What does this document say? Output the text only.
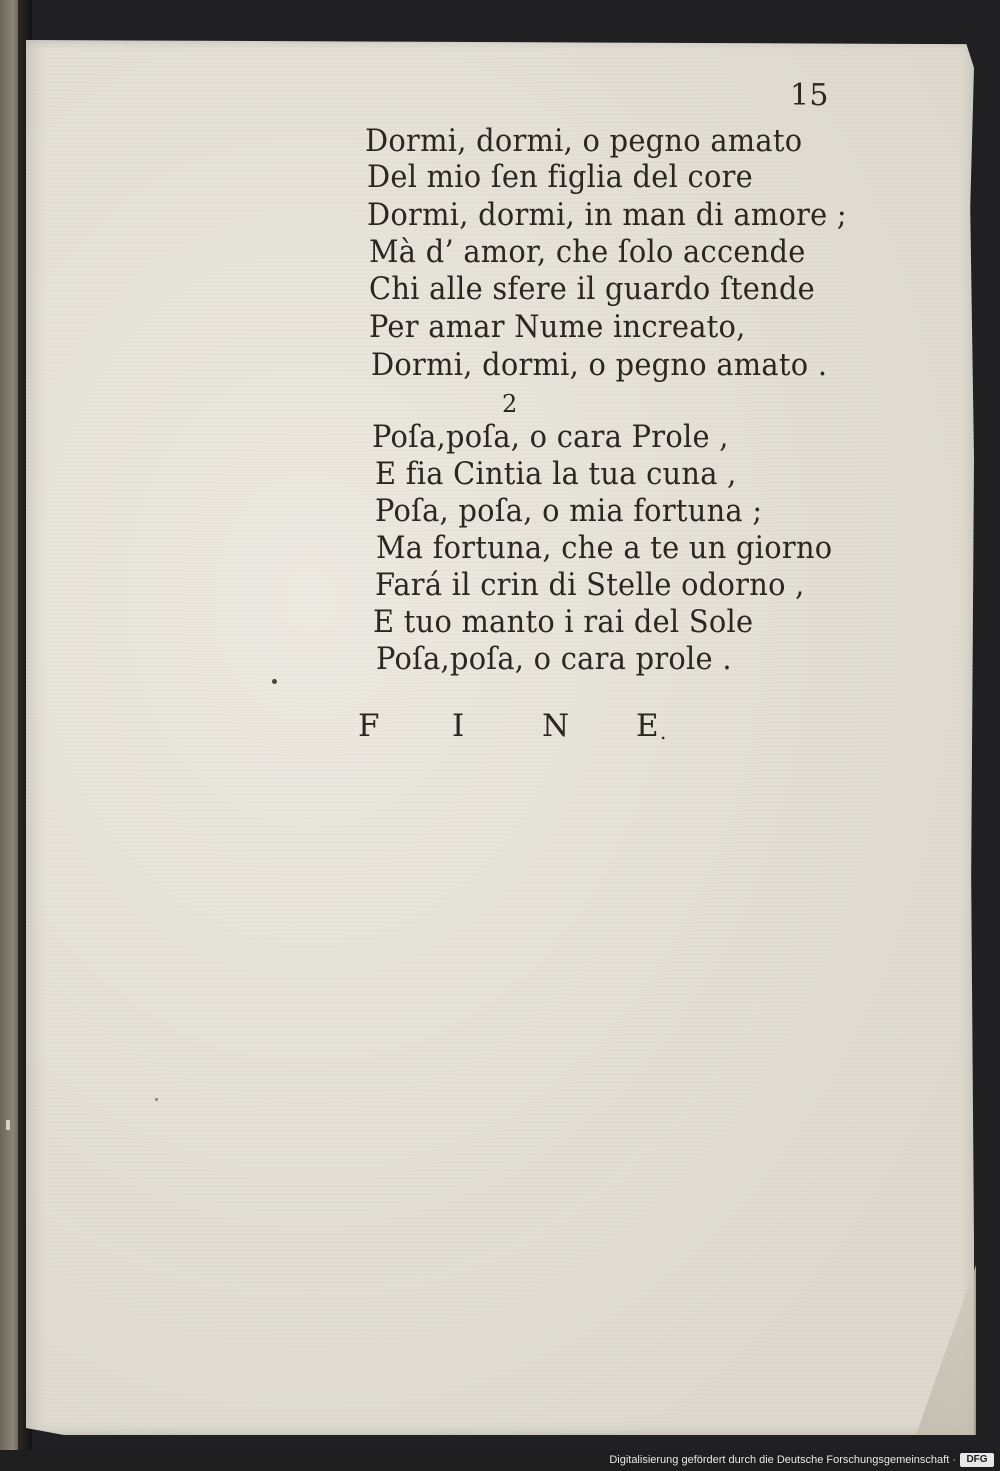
15
Dormi, dormi, o pegno amato
Del mio ſen figlia del core
Dormi, dormi, in man di amore ;
Mà d’ amor, che ſolo accende
Chi alle sfere il guardo ſtende
Per amar Nume increato,
Dormi, dormi, o pegno amato .
2
Poſa,poſa, o cara Prole ,
E fia Cintia la tua cuna ,
Poſa, poſa, o mia fortuna ;
Ma fortuna, che a te un giorno
Fará il crin di Stelle odorno ,
E tuo manto i rai del Sole
Poſa,poſa, o cara prole .
F I	N E .
Digitalisierung gefördert durch die Deutsche Forschungsgemeinschaft ·	DFG
